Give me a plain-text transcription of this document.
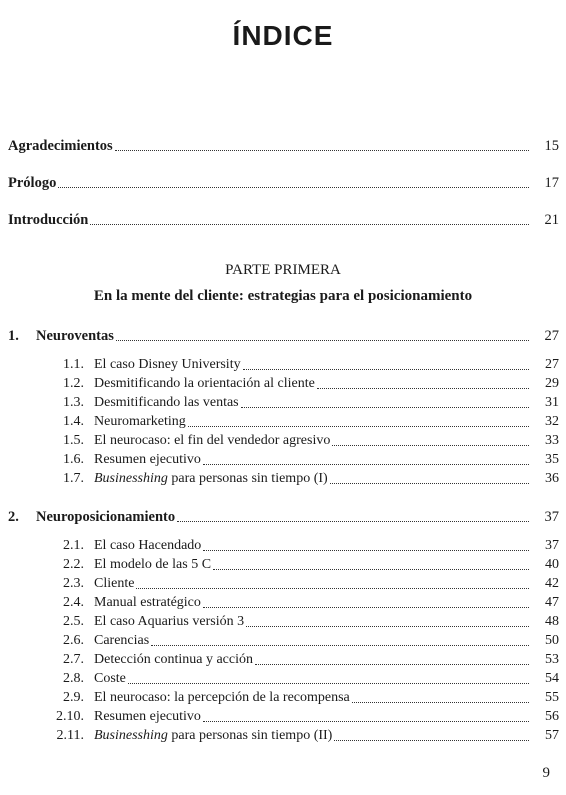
ÍNDICE
Agradecimientos	15
Prólogo	17
Introducción	21
PARTE PRIMERA
En la mente del cliente: estrategias para el posicionamiento
1.	Neuroventas	27
1.1. El caso Disney University	27
1.2. Desmitificando la orientación al cliente	29
1.3. Desmitificando las ventas	31
1.4. Neuromarketing	32
1.5. El neurocaso: el fin del vendedor agresivo	33
1.6. Resumen ejecutivo	35
1.7. Businesshing para personas sin tiempo (I)	36
2.	Neuroposicionamiento	37
2.1. El caso Hacendado	37
2.2. El modelo de las 5 C	40
2.3. Cliente	42
2.4. Manual estratégico	47
2.5. El caso Aquarius versión 3	48
2.6. Carencias	50
2.7. Detección continua y acción	53
2.8. Coste	54
2.9. El neurocaso: la percepción de la recompensa	55
2.10. Resumen ejecutivo	56
2.11. Businesshing para personas sin tiempo (II)	57
9
